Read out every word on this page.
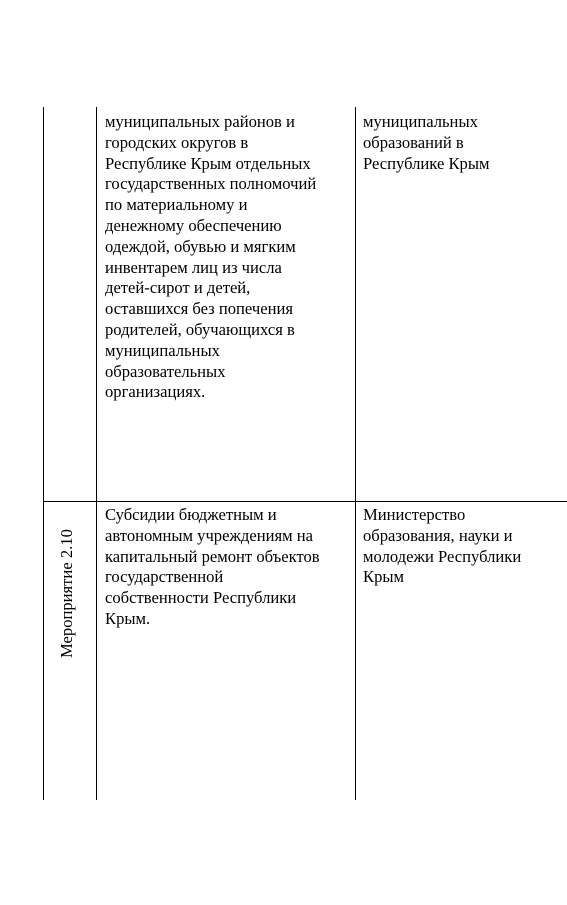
муниципальных районов и
городских округов в
Республике Крым отдельных
государственных полномочий
по материальному и
денежному обеспечению
одеждой, обувью и мягким
инвентарем лиц из числа
детей-сирот и детей,
оставшихся без попечения
родителей, обучающихся в
муниципальных
образовательных
организациях.
муниципальных
образований в
Республике Крым
Мероприятие 2.10
Субсидии бюджетным и
автономным учреждениям на
капитальный ремонт объектов
государственной
собственности Республики
Крым.
Министерство
образования, науки и
молодежи Республики
Крым
